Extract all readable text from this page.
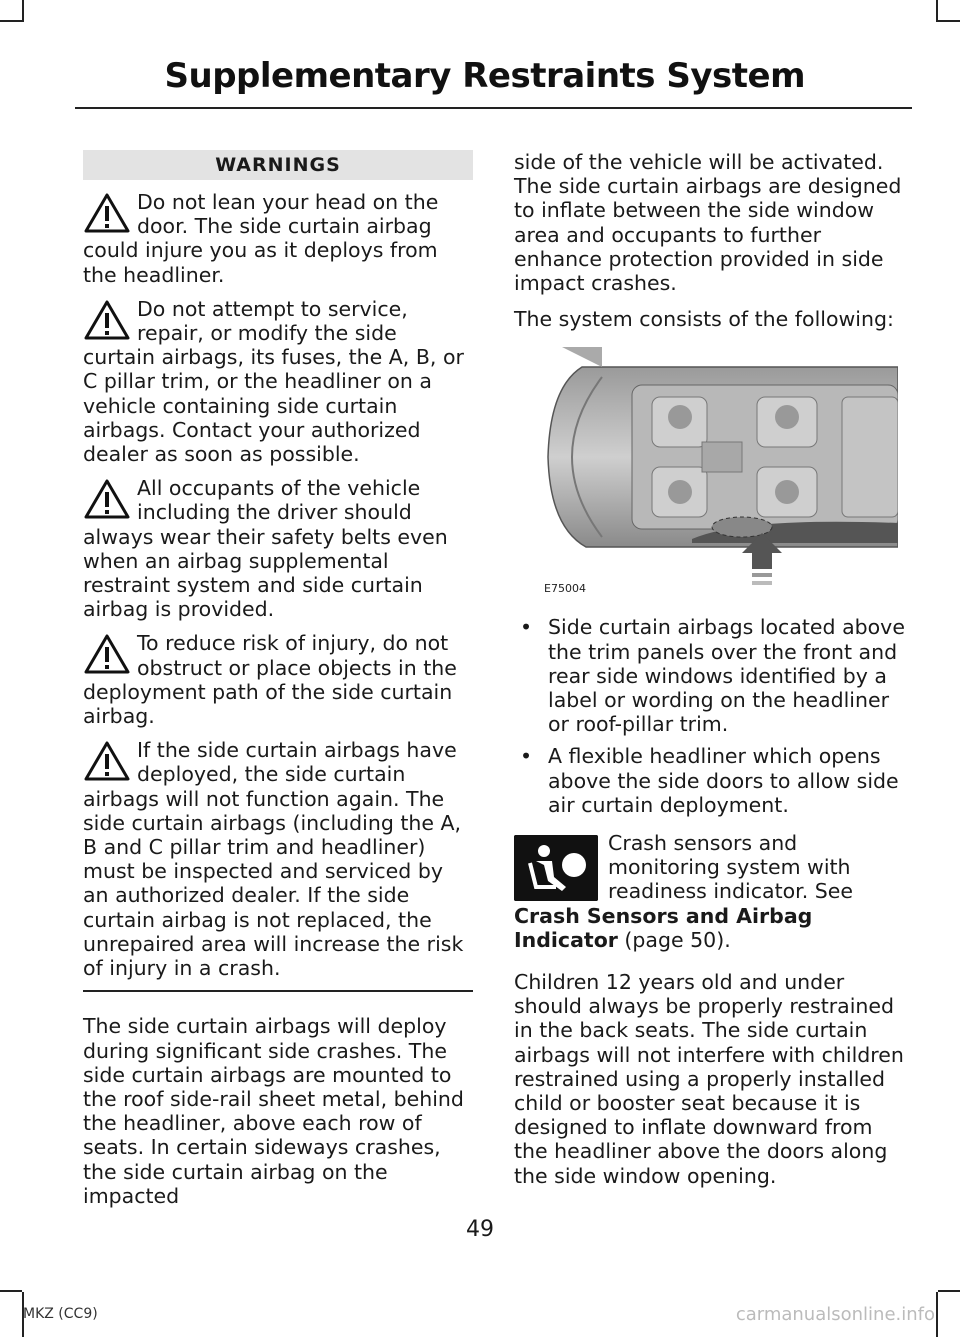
Supplementary Restraints System
WARNINGS
Do not lean your head on the door. The side curtain airbag could injure you as it deploys from the headliner.
Do not attempt to service, repair, or modify the side curtain airbags, its fuses, the A, B, or C pillar trim, or the headliner on a vehicle containing side curtain airbags. Contact your authorized dealer as soon as possible.
All occupants of the vehicle including the driver should always wear their safety belts even when an airbag supplemental restraint system and side curtain airbag is provided.
To reduce risk of injury, do not obstruct or place objects in the deployment path of the side curtain airbag.
If the side curtain airbags have deployed, the side curtain airbags will not function again. The side curtain airbags (including the A, B and C pillar trim and headliner) must be inspected and serviced by an authorized dealer. If the side curtain airbag is not replaced, the unrepaired area will increase the risk of injury in a crash.

The side curtain airbags will deploy during significant side crashes. The side curtain airbags are mounted to the roof side-rail sheet metal, behind the headliner, above each row of seats. In certain sideways crashes, the side curtain airbag on the impacted

side of the vehicle will be activated. The side curtain airbags are designed to inflate between the side window area and occupants to further enhance protection provided in side impact crashes.

The system consists of the following:

E75004
• Side curtain airbags located above the trim panels over the front and rear side windows identified by a label or wording on the headliner or roof-pillar trim.
• A flexible headliner which opens above the side doors to allow side air curtain deployment.
Crash sensors and monitoring system with readiness indicator. See Crash Sensors and Airbag Indicator (page 50).

Children 12 years old and under should always be properly restrained in the back seats. The side curtain airbags will not interfere with children restrained using a properly installed child or booster seat because it is designed to inflate downward from the headliner above the doors along the side window opening.

49
MKZ (CC9)	carmanualsonline.info
